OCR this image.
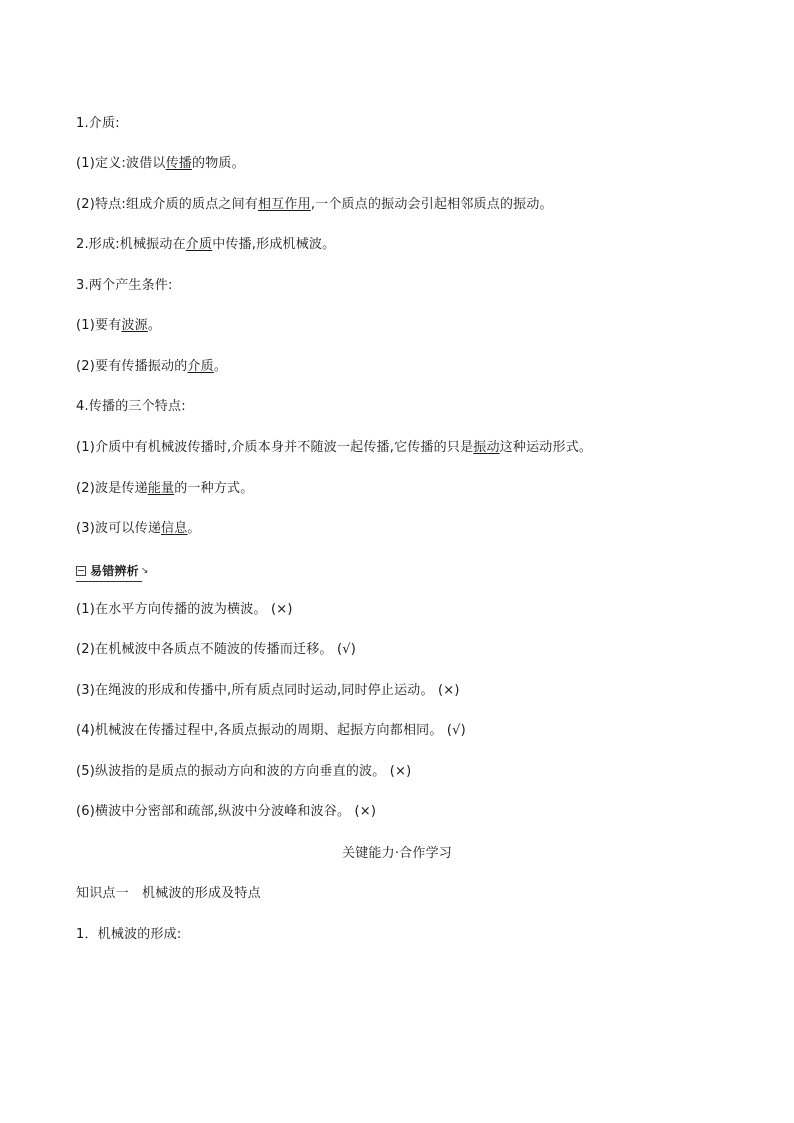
1.介质:
(1)定义:波借以传播的物质。
(2)特点:组成介质的质点之间有相互作用,一个质点的振动会引起相邻质点的振动。
2.形成:机械振动在介质中传播,形成机械波。
3.两个产生条件:
(1)要有波源。
(2)要有传播振动的介质。
4.传播的三个特点:
(1)介质中有机械波传播时,介质本身并不随波一起传播,它传播的只是振动这种运动形式。
(2)波是传递能量的一种方式。
(3)波可以传递信息。
易错辨析 ↘
(1)在水平方向传播的波为横波。 (×)
(2)在机械波中各质点不随波的传播而迁移。 (√)
(3)在绳波的形成和传播中,所有质点同时运动,同时停止运动。 (×)
(4)机械波在传播过程中,各质点振动的周期、起振方向都相同。 (√)
(5)纵波指的是质点的振动方向和波的方向垂直的波。 (×)
(6)横波中分密部和疏部,纵波中分波峰和波谷。 (×)
关键能力·合作学习
知识点一　机械波的形成及特点
1．机械波的形成:
